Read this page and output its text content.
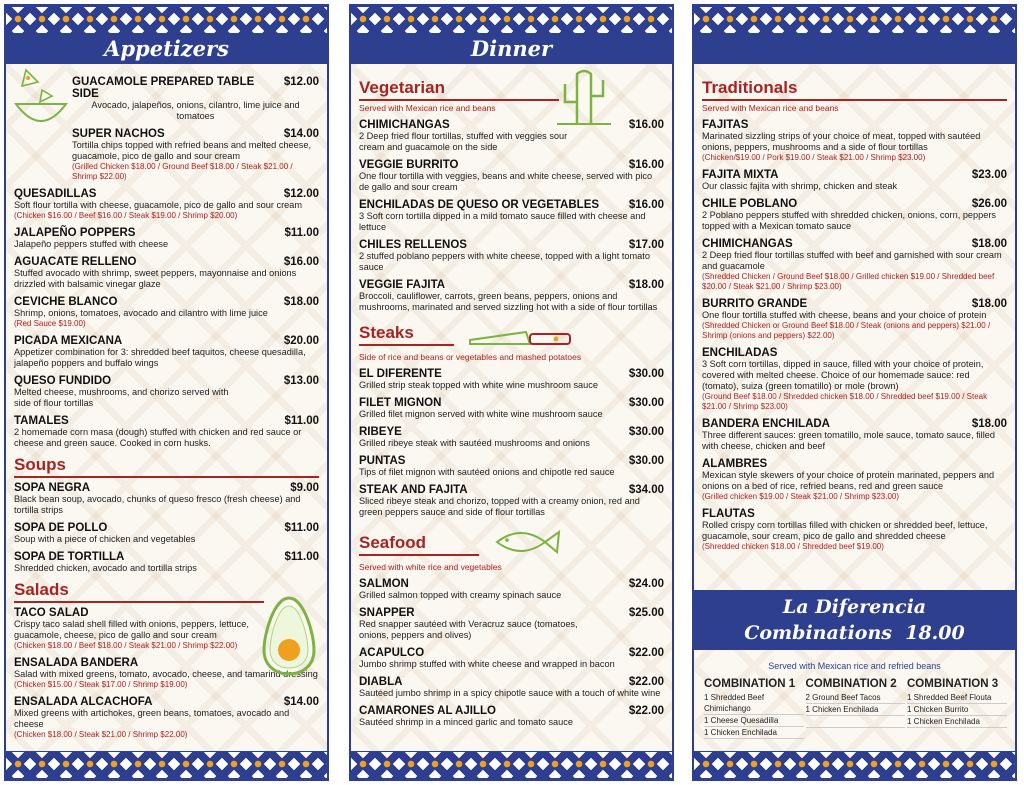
Appetizers
GUACAMOLE PREPARED TABLE SIDE
$12.00
Avocado, jalapeños, onions, cilantro, lime juice and tomatoes
SUPER NACHOS	$14.00
Tortilla chips topped with refried beans and melted cheese, guacamole, pico de gallo and sour cream
(Grilled Chicken $18.00 / Ground Beef $18.00 / Steak $21.00 / Shrimp $22.00)
QUESADILLAS	$12.00
Soft flour tortilla with cheese, guacamole, pico de gallo and sour cream
(Chicken $16.00 / Beef $16.00 / Steak $19.00 / Shrimp $20.00)
JALAPEÑO POPPERS	$11.00
Jalapeño peppers stuffed with cheese
AGUACATE RELLENO	$16.00
Stuffed avocado with shrimp, sweet peppers, mayonnaise and onions drizzled with balsamic vinegar glaze
CEVICHE BLANCO	$18.00
Shrimp, onions, tomatoes, avocado and cilantro with lime juice
(Red Sauce $19.00)
PICADA MEXICANA	$20.00
Appetizer combination for 3: shredded beef taquitos, cheese quesadilla, jalapeño poppers and buffalo wings
QUESO FUNDIDO	$13.00
Melted cheese, mushrooms, and chorizo served with side of flour tortillas
TAMALES	$11.00
2 homemade corn masa (dough) stuffed with chicken and red sauce or cheese and green sauce. Cooked in corn husks.
Soups
SOPA NEGRA	$9.00
Black bean soup, avocado, chunks of queso fresco (fresh cheese) and tortilla strips
SOPA DE POLLO	$11.00
Soup with a piece of chicken and vegetables
SOPA DE TORTILLA	$11.00
Shredded chicken, avocado and tortilla strips
Salads
TACO SALAD
Crispy taco salad shell filled with onions, peppers, lettuce, guacamole, cheese, pico de gallo and sour cream
(Chicken $18.00 / Beef $18.00 / Steak $21.00 / Shrimp $22.00)
ENSALADA BANDERA
Salad with mixed greens, tomato, avocado, cheese, and tamarind dressing
(Chicken $15.00 / Steak $17.00 / Shrimp $19.00)
ENSALADA ALCACHOFA	$14.00
Mixed greens with artichokes, green beans, tomatoes, avocado and cheese
(Chicken $18.00 / Steak $21.00 / Shrimp $22.00)
Dinner
Vegetarian
Served with Mexican rice and beans
CHIMICHANGAS	$16.00
2 Deep fried flour tortillas, stuffed with veggies sour cream and guacamole on the side
VEGGIE BURRITO	$16.00
One flour tortilla with veggies, beans and white cheese, served with pico de gallo and sour cream
ENCHILADAS DE QUESO OR VEGETABLES	$16.00
3 Soft corn tortilla dipped in a mild tomato sauce filled with cheese and lettuce
CHILES RELLENOS	$17.00
2 stuffed poblano peppers with white cheese, topped with a light tomato sauce
VEGGIE FAJITA	$18.00
Broccoli, cauliflower, carrots, green beans, peppers, onions and mushrooms, marinated and served sizzling hot with a side of flour tortillas
Steaks
Side of rice and beans or vegetables and mashed potatoes
EL DIFERENTE	$30.00
Grilled strip steak topped with white wine mushroom sauce
FILET MIGNON	$30.00
Grilled filet mignon served with white wine mushroom sauce
RIBEYE	$30.00
Grilled ribeye steak with sautéed mushrooms and onions
PUNTAS	$30.00
Tips of filet mignon with sautéed onions and chipotle red sauce
STEAK AND FAJITA	$34.00
Sliced ribeye steak and chorizo, topped with a creamy onion, red and green peppers sauce and side of flour tortillas
Seafood
Served with white rice and vegetables
SALMON	$24.00
Grilled salmon topped with creamy spinach sauce
SNAPPER	$25.00
Red snapper sautéed with Veracruz sauce (tomatoes, onions, peppers and olives)
ACAPULCO	$22.00
Jumbo shrimp stuffed with white cheese and wrapped in bacon
DIABLA	$22.00
Sautéed jumbo shrimp in a spicy chipotle sauce with a touch of white wine
CAMARONES AL AJILLO	$22.00
Sautéed shrimp in a minced garlic and tomato sauce
Traditionals
Served with Mexican rice and beans
FAJITAS
Marinated sizzling strips of your choice of meat, topped with sautéed onions, peppers, mushrooms and a side of flour tortillas
(Chicken/$19.00 / Pork $19.00 / Steak $21.00 / Shrimp $23.00)
FAJITA MIXTA	$23.00
Our classic fajita with shrimp, chicken and steak
CHILE POBLANO	$26.00
2 Poblano peppers stuffed with shredded chicken, onions, corn, peppers topped with a Mexican tomato sauce
CHIMICHANGAS	$18.00
2 Deep fried flour tortillas stuffed with beef and garnished with sour cream and guacamole
(Shredded Chicken / Ground Beef $18.00 / Grilled chicken $19.00 / Shredded beef $20.00 / Steak $21.00 / Shrimp $23.00)
BURRITO GRANDE	$18.00
One flour tortilla stuffed with cheese, beans and your choice of protein
(Shredded Chicken or Ground Beef $18.00 / Steak (onions and peppers) $21.00 / Shrimp (onions and peppers) $22.00)
ENCHILADAS
3 Soft corn tortillas, dipped in sauce, filled with your choice of protein, covered with melted cheese. Choice of our homemade sauce: red (tomato), suiza (green tomatillo) or mole (brown)
(Ground Beef $18.00 / Shredded chicken $18.00 / Shredded beef $19.00 / Steak $21.00 / Shrimp $23.00)
BANDERA ENCHILADA	$18.00
Three different sauces: green tomatillo, mole sauce, tomato sauce, filled with cheese, chicken and beef
ALAMBRES
Mexican style skewers of your choice of protein marinated, peppers and onions on a bed of rice, refried beans, red and green sauce
(Grilled chicken $19.00 / Steak $21.00 / Shrimp $23.00)
FLAUTAS
Rolled crispy corn tortillas filled with chicken or shredded beef, lettuce, guacamole, sour cream, pico de gallo and shredded cheese
(Shredded chicken $18.00 / Shredded beef $19.00)
La Diferencia
Combinations 18.00
Served with Mexican rice and refried beans
COMBINATION 1
1 Shredded Beef Chimichango
1 Cheese Quesadilla
1 Chicken Enchilada
COMBINATION 2
2 Ground Beef Tacos
1 Chicken Enchilada
COMBINATION 3
1 Shredded Beef Flouta
1 Chicken Burrito
1 Chicken Enchilada
